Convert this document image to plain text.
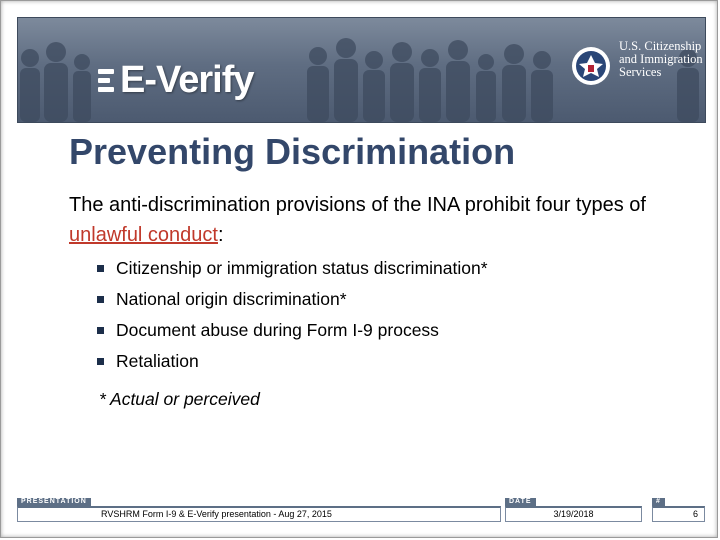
E-Verify
U.S. Citizenship
and Immigration
Services
Preventing Discrimination
The anti-discrimination provisions of the INA prohibit four types of unlawful conduct:
Citizenship or immigration status discrimination*
National origin discrimination*
Document abuse during Form I-9 process
Retaliation
* Actual or perceived
PRESENTATION
RVSHRM Form I-9 & E-Verify presentation - Aug 27, 2015
DATE
3/19/2018
#
6
